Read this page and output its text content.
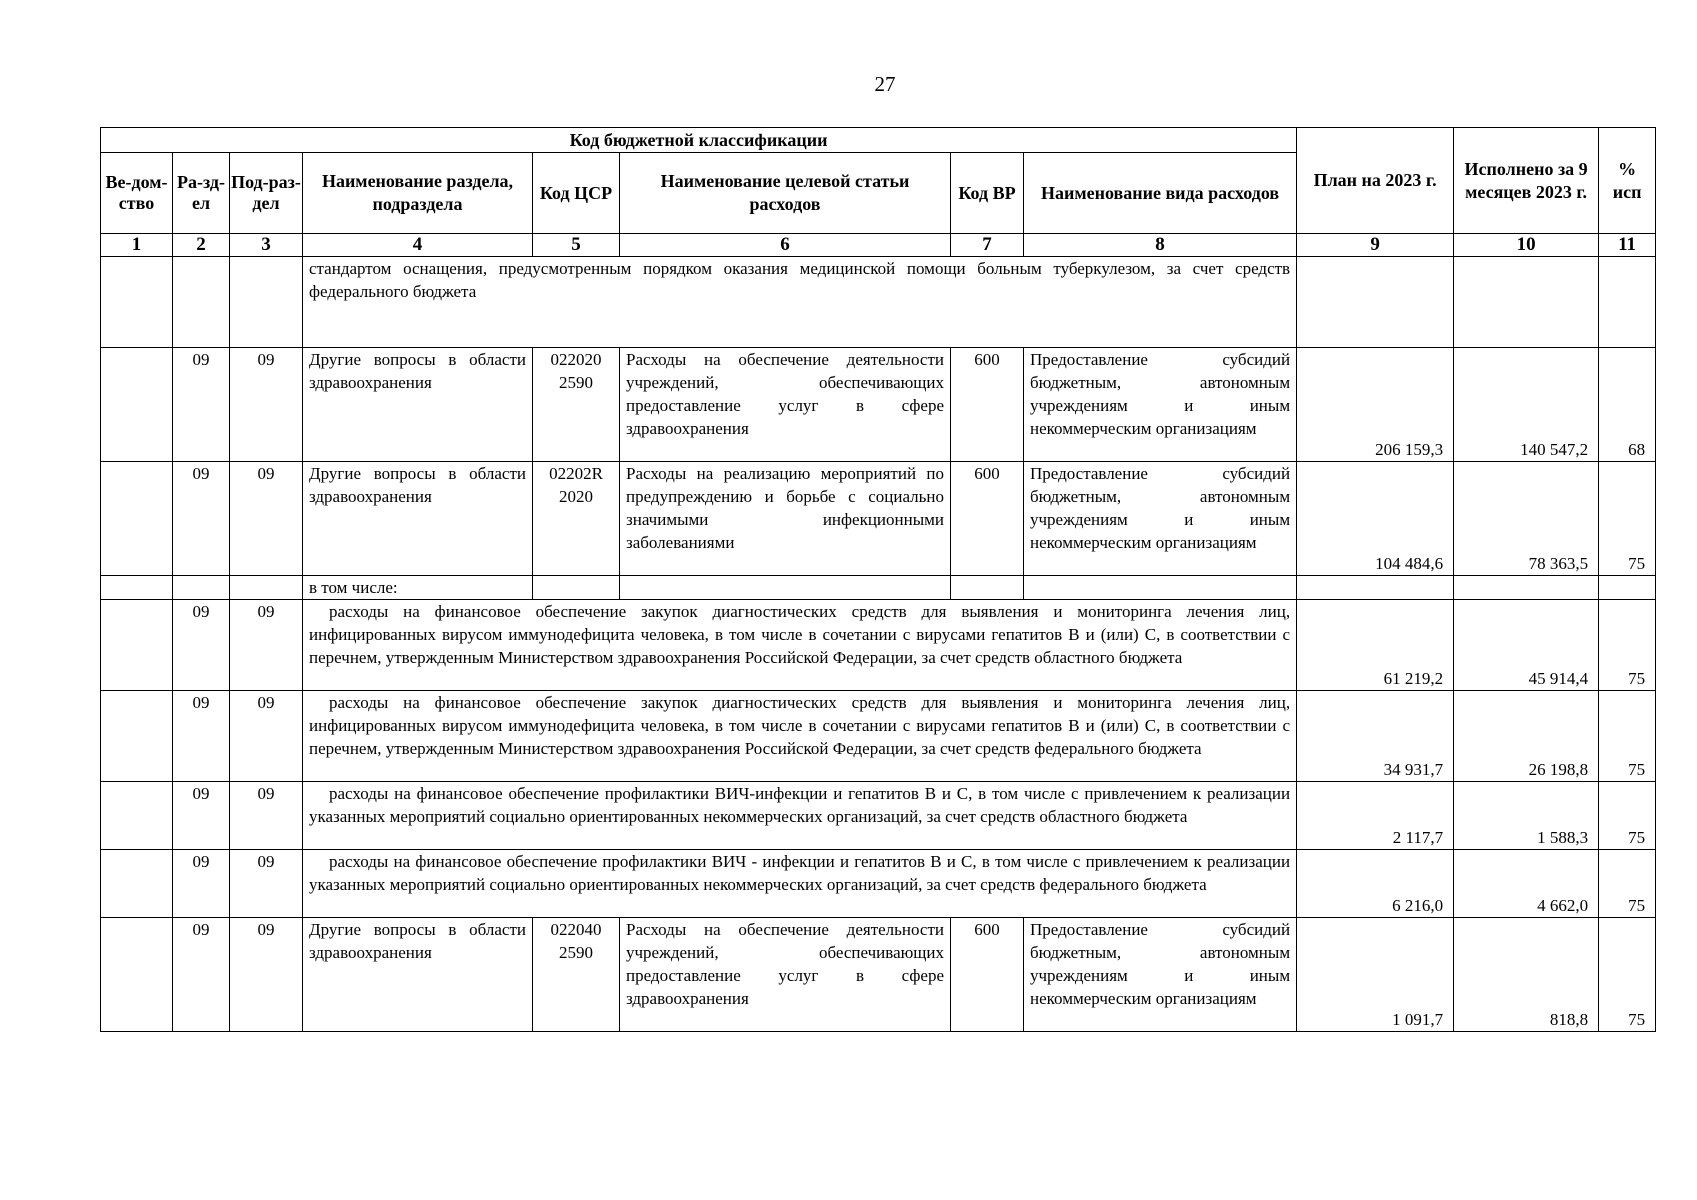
27
Код бюджетной классификации								План на 2023 г.	Исполнено за 9 месяцев 2023 г.	% исп
Ве-дом-ство	Ра-зд-ел	Под-раз-дел	Наименование раздела, подраздела	Код ЦСР	Наименование целевой статьи расходов	Код ВР	Наименование вида расходов			
1	2	3	4	5	6	7	8	9	10	11
			стандартом оснащения, предусмотренным порядком оказания медицинской помощи больным туберкулезом, за счет средств федерального бюджета							
	09	09	Другие вопросы в области здравоохранения	022020 2590	Расходы на обеспечение деятельности учреждений, обеспечивающих предоставление услуг в сфере здравоохранения	600	Предоставление субсидий бюджетным, автономным учреждениям и иным некоммерческим организациям	206 159,3	140 547,2	68
	09	09	Другие вопросы в области здравоохранения	02202R 2020	Расходы на реализацию мероприятий по предупреждению и борьбе с социально значимыми инфекционными заболеваниями	600	Предоставление субсидий бюджетным, автономным учреждениям и иным некоммерческим организациям	104 484,6	78 363,5	75
			в том числе:							
	09	09	расходы на финансовое обеспечение закупок диагностических средств для выявления и мониторинга лечения лиц, инфицированных вирусом иммунодефицита человека, в том числе в сочетании с вирусами гепатитов B и (или) C, в соответствии с перечнем, утвержденным Министерством здравоохранения Российской Федерации, за счет средств областного бюджета					61 219,2	45 914,4	75
	09	09	расходы на финансовое обеспечение закупок диагностических средств для выявления и мониторинга лечения лиц, инфицированных вирусом иммунодефицита человека, в том числе в сочетании с вирусами гепатитов B и (или) C, в соответствии с перечнем, утвержденным Министерством здравоохранения Российской Федерации, за счет средств федерального бюджета					34 931,7	26 198,8	75
	09	09	расходы на финансовое обеспечение профилактики ВИЧ-инфекции и гепатитов B и C, в том числе с привлечением к реализации указанных мероприятий социально ориентированных некоммерческих организаций, за счет средств областного бюджета					2 117,7	1 588,3	75
	09	09	расходы на финансовое обеспечение профилактики ВИЧ - инфекции и гепатитов B и C, в том числе с привлечением к реализации указанных мероприятий социально ориентированных некоммерческих организаций, за счет средств федерального бюджета					6 216,0	4 662,0	75
	09	09	Другие вопросы в области здравоохранения	022040 2590	Расходы на обеспечение деятельности учреждений, обеспечивающих предоставление услуг в сфере здравоохранения	600	Предоставление субсидий бюджетным, автономным учреждениям и иным некоммерческим организациям	1 091,7	818,8	75
